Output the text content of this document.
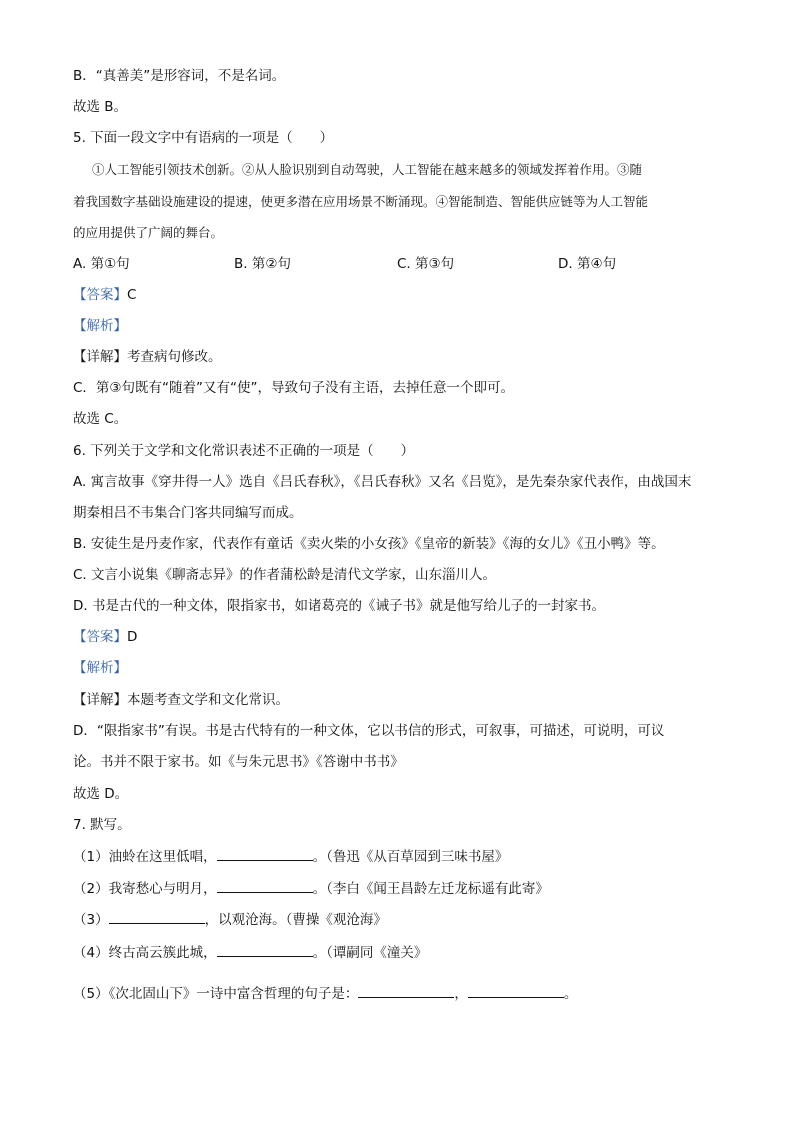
B．“真善美”是形容词，不是名词。
故选 B。
5. 下面一段文字中有语病的一项是（　　）
①人工智能引领技术创新。②从人脸识别到自动驾驶，人工智能在越来越多的领域发挥着作用。③随
着我国数字基础设施建设的提速，使更多潜在应用场景不断涌现。④智能制造、智能供应链等为人工智能
的应用提供了广阔的舞台。
A. 第①句	B. 第②句	C. 第③句	D. 第④句
【答案】C
【解析】
【详解】考查病句修改。
C．第③句既有“随着”又有“使”，导致句子没有主语，去掉任意一个即可。
故选 C。
6. 下列关于文学和文化常识表述不正确的一项是（　　）
A. 寓言故事《穿井得一人》选自《吕氏春秋》，《吕氏春秋》又名《吕览》，是先秦杂家代表作，由战国末
期秦相吕不韦集合门客共同编写而成。
B. 安徒生是丹麦作家，代表作有童话《卖火柴的小女孩》《皇帝的新装》《海的女儿》《丑小鸭》等。
C. 文言小说集《聊斋志异》的作者蒲松龄是清代文学家，山东淄川人。
D. 书是古代的一种文体，限指家书，如诸葛亮的《诫子书》就是他写给儿子的一封家书。
【答案】D
【解析】
【详解】本题考查文学和文化常识。
D．“限指家书”有误。书是古代特有的一种文体，它以书信的形式，可叙事，可描述，可说明，可议
论。书并不限于家书。如《与朱元思书》《答谢中书书》
故选 D。
7. 默写。
（1）油蛉在这里低唱，	。（鲁迅《从百草园到三味书屋》
（2）我寄愁心与明月，	。（李白《闻王昌龄左迁龙标遥有此寄》
（3）	，以观沧海。（曹操《观沧海》
（4）终古高云簇此城，	。（谭嗣同《潼关》
（5）《次北固山下》一诗中富含哲理的句子是：	，	。
